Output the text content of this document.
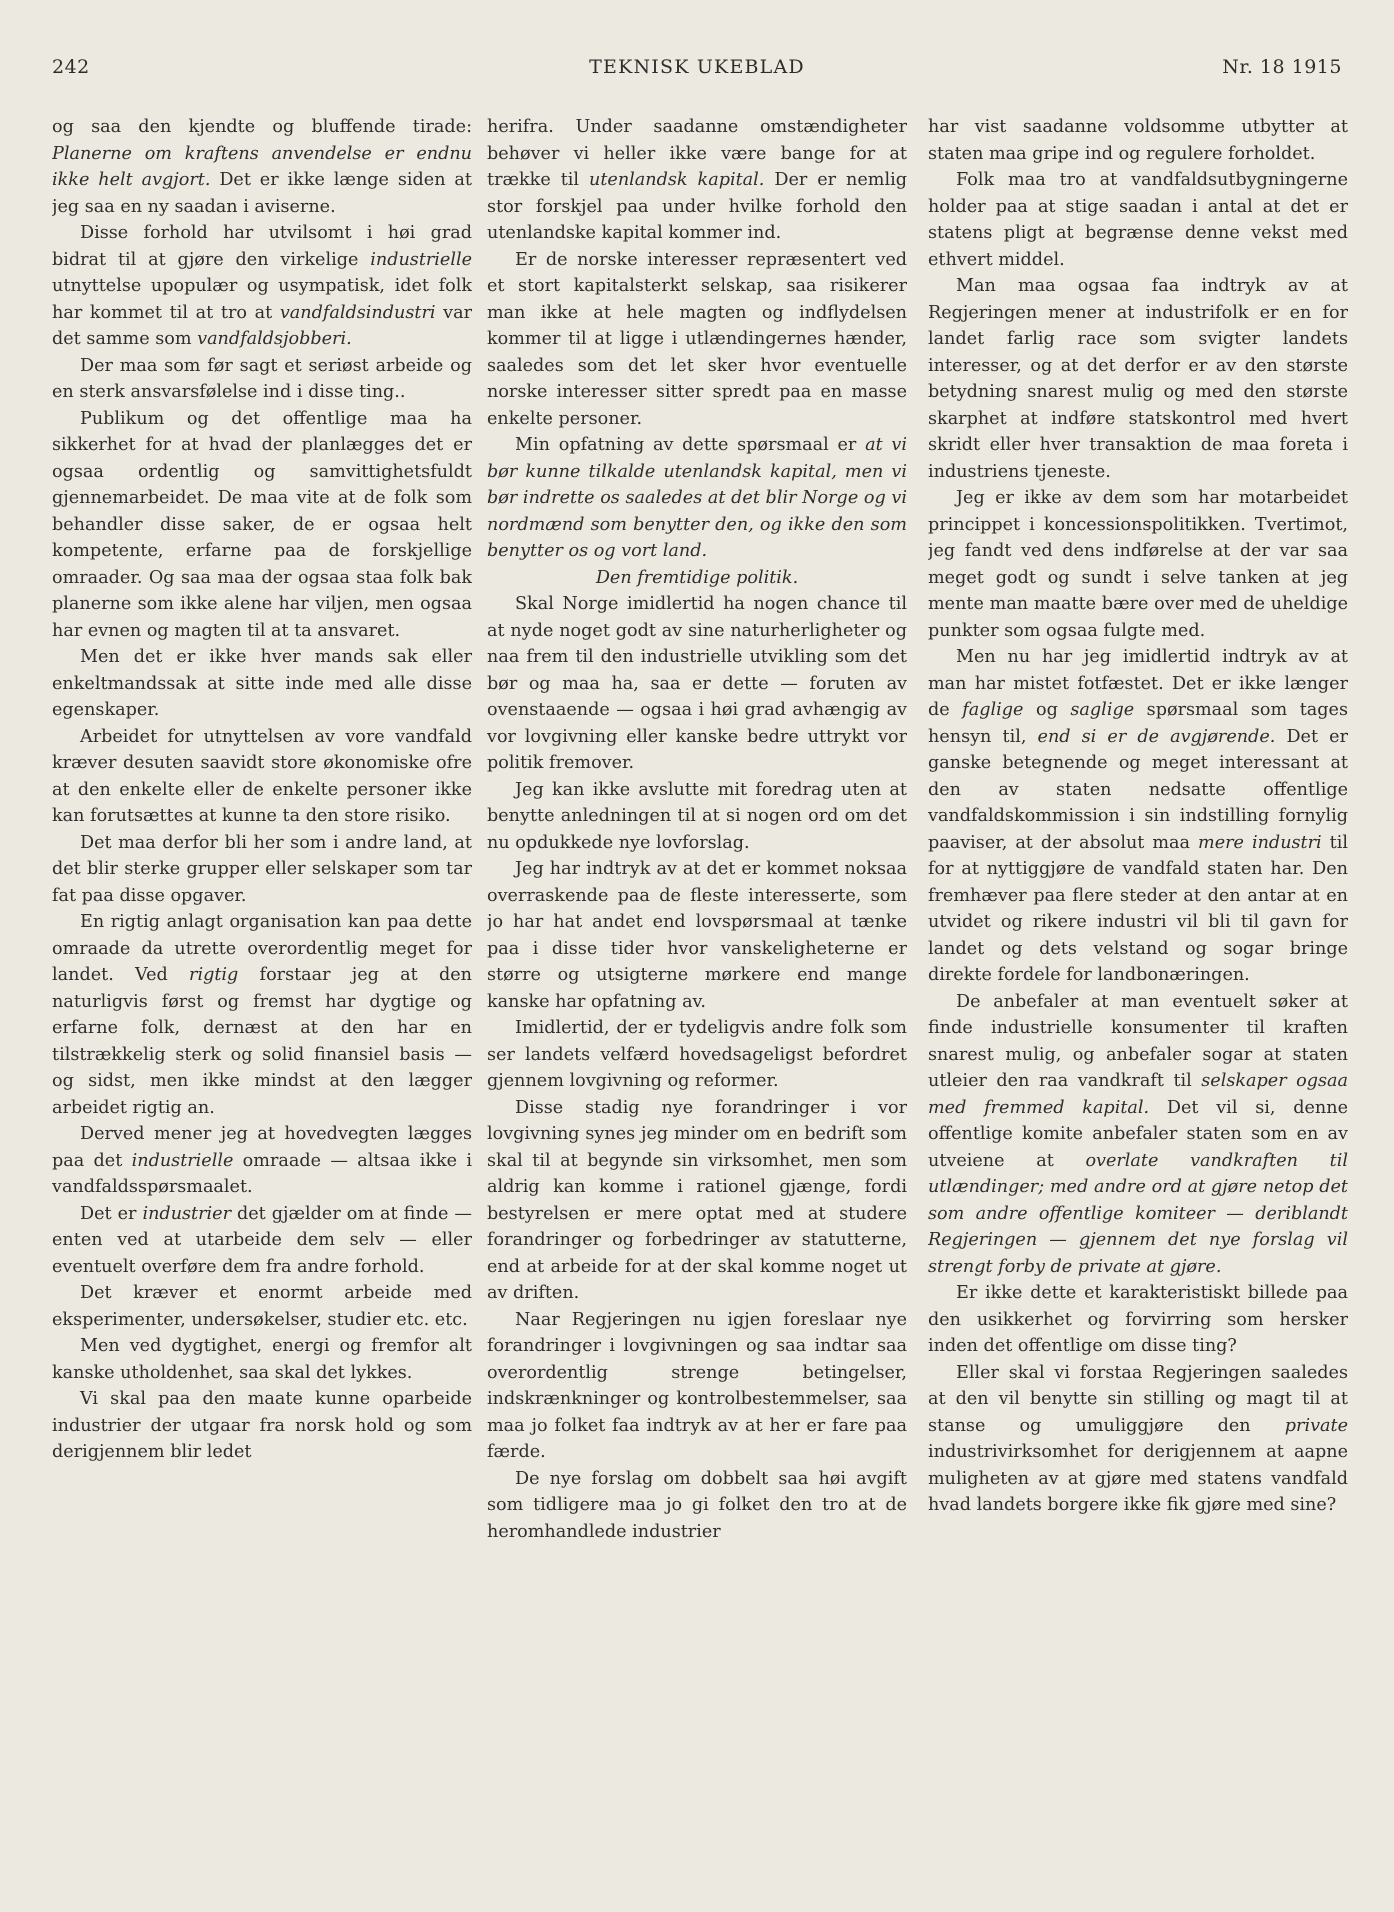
242	TEKNISK UKEBLAD	Nr. 18 1915

og saa den kjendte og bluffende tirade: Planerne om kraftens anvendelse er endnu ikke helt avgjort. Det er ikke længe siden at jeg saa en ny saadan i aviserne.

Disse forhold har utvilsomt i høi grad bidrat til at gjøre den virkelige industrielle utnyttelse upopulær og usympatisk, idet folk har kommet til at tro at vandfaldsindustri var det samme som vandfaldsjobberi.

Der maa som før sagt et seriøst arbeide og en sterk ansvarsfølelse ind i disse ting..

Publikum og det offentlige maa ha sikkerhet for at hvad der planlægges det er ogsaa ordentlig og samvittighetsfuldt gjennemarbeidet. De maa vite at de folk som behandler disse saker, de er ogsaa helt kompetente, erfarne paa de forskjellige omraader. Og saa maa der ogsaa staa folk bak planerne som ikke alene har viljen, men ogsaa har evnen og magten til at ta ansvaret.

Men det er ikke hver mands sak eller enkeltmandssak at sitte inde med alle disse egenskaper.

Arbeidet for utnyttelsen av vore vandfald kræver desuten saavidt store økonomiske ofre at den enkelte eller de enkelte personer ikke kan forutsættes at kunne ta den store risiko.

Det maa derfor bli her som i andre land, at det blir sterke grupper eller selskaper som tar fat paa disse opgaver.

En rigtig anlagt organisation kan paa dette omraade da utrette overordentlig meget for landet. Ved rigtig forstaar jeg at den naturligvis først og fremst har dygtige og erfarne folk, dernæst at den har en tilstrækkelig sterk og solid finansiel basis — og sidst, men ikke mindst at den lægger arbeidet rigtig an.

Derved mener jeg at hovedvegten lægges paa det industrielle omraade — altsaa ikke i vandfaldsspørsmaalet.

Det er industrier det gjælder om at finde — enten ved at utarbeide dem selv — eller eventuelt overføre dem fra andre forhold.

Det kræver et enormt arbeide med eksperimenter, undersøkelser, studier etc. etc.

Men ved dygtighet, energi og fremfor alt kanske utholdenhet, saa skal det lykkes.

Vi skal paa den maate kunne oparbeide industrier der utgaar fra norsk hold og som derigjennem blir ledet

herifra. Under saadanne omstændigheter behøver vi heller ikke være bange for at trække til utenlandsk kapital. Der er nemlig stor forskjel paa under hvilke forhold den utenlandske kapital kommer ind.

Er de norske interesser repræsentert ved et stort kapitalsterkt selskap, saa risikerer man ikke at hele magten og indflydelsen kommer til at ligge i utlændingernes hænder, saaledes som det let sker hvor eventuelle norske interesser sitter spredt paa en masse enkelte personer.

Min opfatning av dette spørsmaal er at vi bør kunne tilkalde utenlandsk kapital, men vi bør indrette os saaledes at det blir Norge og vi nordmænd som benytter den, og ikke den som benytter os og vort land.

Den fremtidige politik.

Skal Norge imidlertid ha nogen chance til at nyde noget godt av sine naturherligheter og naa frem til den industrielle utvikling som det bør og maa ha, saa er dette — foruten av ovenstaaende — ogsaa i høi grad avhængig av vor lovgivning eller kanske bedre uttrykt vor politik fremover.

Jeg kan ikke avslutte mit foredrag uten at benytte anledningen til at si nogen ord om det nu opdukkede nye lovforslag.

Jeg har indtryk av at det er kommet noksaa overraskende paa de fleste interesserte, som jo har hat andet end lovspørsmaal at tænke paa i disse tider hvor vanskeligheterne er større og utsigterne mørkere end mange kanske har opfatning av.

Imidlertid, der er tydeligvis andre folk som ser landets velfærd hovedsageligst befordret gjennem lovgivning og reformer.

Disse stadig nye forandringer i vor lovgivning synes jeg minder om en bedrift som skal til at begynde sin virksomhet, men som aldrig kan komme i rationel gjænge, fordi bestyrelsen er mere optat med at studere forandringer og forbedringer av statutterne, end at arbeide for at der skal komme noget ut av driften.

Naar Regjeringen nu igjen foreslaar nye forandringer i lovgivningen og saa indtar saa overordentlig strenge betingelser, indskrænkninger og kontrolbestemmelser, saa maa jo folket faa indtryk av at her er fare paa færde.

De nye forslag om dobbelt saa høi avgift som tidligere maa jo gi folket den tro at de heromhandlede industrier

har vist saadanne voldsomme utbytter at staten maa gripe ind og regulere forholdet.

Folk maa tro at vandfaldsutbygningerne holder paa at stige saadan i antal at det er statens pligt at begrænse denne vekst med ethvert middel.

Man maa ogsaa faa indtryk av at Regjeringen mener at industrifolk er en for landet farlig race som svigter landets interesser, og at det derfor er av den største betydning snarest mulig og med den største skarphet at indføre statskontrol med hvert skridt eller hver transaktion de maa foreta i industriens tjeneste.

Jeg er ikke av dem som har motarbeidet princippet i koncessionspolitikken. Tvertimot, jeg fandt ved dens indførelse at der var saa meget godt og sundt i selve tanken at jeg mente man maatte bære over med de uheldige punkter som ogsaa fulgte med.

Men nu har jeg imidlertid indtryk av at man har mistet fotfæstet. Det er ikke længer de faglige og saglige spørsmaal som tages hensyn til, end si er de avgjørende. Det er ganske betegnende og meget interessant at den av staten nedsatte offentlige vandfaldskommission i sin indstilling fornylig paaviser, at der absolut maa mere industri til for at nyttiggjøre de vandfald staten har. Den fremhæver paa flere steder at den antar at en utvidet og rikere industri vil bli til gavn for landet og dets velstand og sogar bringe direkte fordele for landbonæringen.

De anbefaler at man eventuelt søker at finde industrielle konsumenter til kraften snarest mulig, og anbefaler sogar at staten utleier den raa vandkraft til selskaper ogsaa med fremmed kapital. Det vil si, denne offentlige komite anbefaler staten som en av utveiene at overlate vandkraften til utlændinger; med andre ord at gjøre netop det som andre offentlige komiteer — deriblandt Regjeringen — gjennem det nye forslag vil strengt forby de private at gjøre.

Er ikke dette et karakteristiskt billede paa den usikkerhet og forvirring som hersker inden det offentlige om disse ting?

Eller skal vi forstaa Regjeringen saaledes at den vil benytte sin stilling og magt til at stanse og umuliggjøre den private industrivirksomhet for derigjennem at aapne muligheten av at gjøre med statens vandfald hvad landets borgere ikke fik gjøre med sine?
